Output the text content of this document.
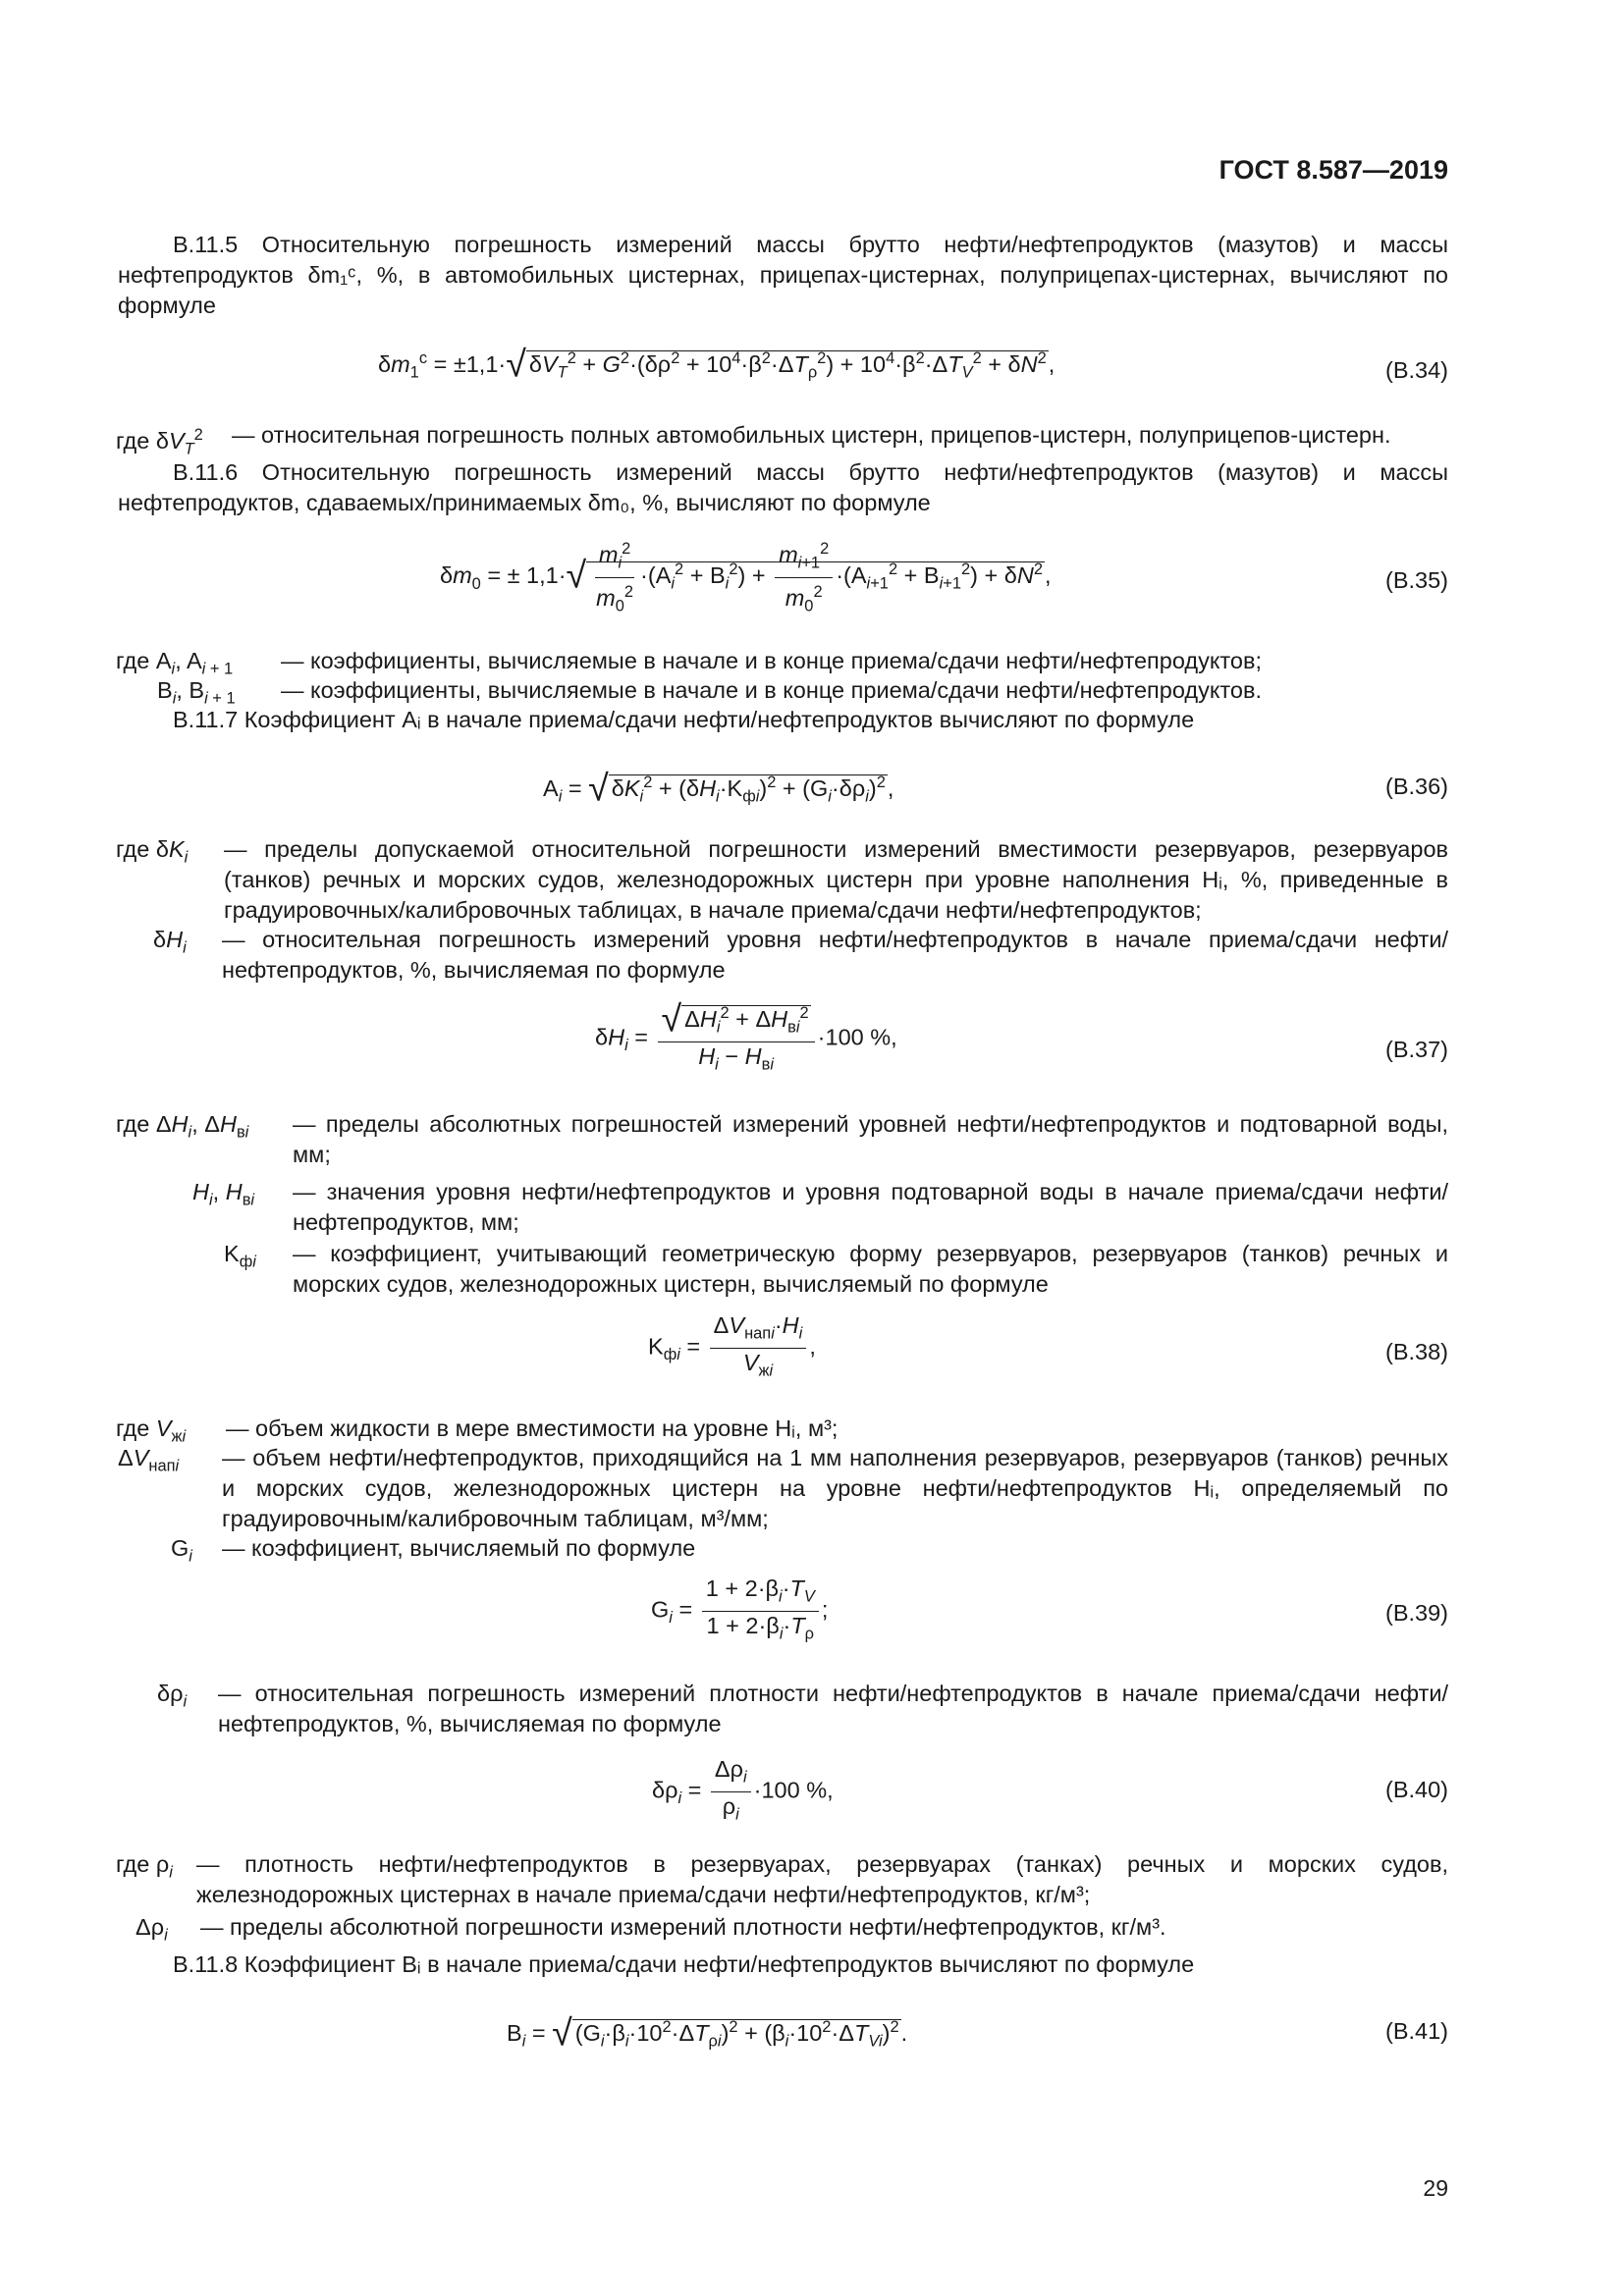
ГОСТ 8.587—2019

В.11.5 Относительную погрешность измерений массы брутто нефти/нефтепродуктов (мазутов) и массы нефтепродуктов δm₁ᶜ, %, в автомобильных цистернах, прицепах-цистернах, полуприцепах-цистернах, вычисляют по формуле

$\delta m_1^c = \pm 1,1\cdot√$ $\delta V_T^2 + G^2\cdot(\delta\rho^2 + 10^4\cdot\beta^2\cdot\Delta T_\rho^2) + 10^4\cdot\beta^2\cdot\Delta T_V^2 + \delta N^2$,	(В.34)
где $\delta V_T^2$ — относительная погрешность полных автомобильных цистерн, прицепов-цистерн, полуприцепов-цистерн.

В.11.6 Относительную погрешность измерений массы брутто нефти/нефтепродуктов (мазутов) и массы нефтепродуктов, сдаваемых/принимаемых δm₀, %, вычисляют по формуле

$\delta m_0$ = ± $1,1\cdot√ \frac{m_i^2}{m_0^2} \cdot(A_i^2 + B_i^2) + \frac{m_{i+1}^2}{m_0^2} \cdot(A_{i+1}^2 + B_{i+1}^2) + \delta N^2$,	(В.35)
где $A_i$, $A_{i + 1}$ — коэффициенты, вычисляемые в начале и в конце приема/сдачи нефти/нефтепродуктов;

$B_i$, $B_{i + 1}$ — коэффициенты, вычисляемые в начале и в конце приема/сдачи нефти/нефтепродуктов.

В.11.7 Коэффициент Aᵢ в начале приема/сдачи нефти/нефтепродуктов вычисляют по формуле

$A_i$ = √ $\delta K_i^2 + (\delta H_i\cdot K_{фi})^2 + (G_i\cdot\delta\rho_i)^2$,	(В.36)
где $\delta K_i$ — пределы допускаемой относительной погрешности измерений вместимости резервуаров, резервуаров (танков) речных и морских судов, железнодорожных цистерн при уровне наполнения Hᵢ, %, приведенные в градуировочных/калибровочных таблицах, в начале приема/сдачи нефти/нефтепродуктов;

$\delta H_i$ — относительная погрешность измерений уровня нефти/нефтепродуктов в начале приема/сдачи нефти/нефтепродуктов, %, вычисляемая по формуле

$\delta H_i = \frac{√ \Delta H_i^2 + \Delta H_{вi}^2}{H_i - H_{вi}} \cdot 100$ %,	(В.37)
где $\Delta H_i$, $\Delta H_{вi}$ — пределы абсолютных погрешностей измерений уровней нефти/нефтепродуктов и подтоварной воды, мм;

$H_i$, $H_{вi}$ — значения уровня нефти/нефтепродуктов и уровня подтоварной воды в начале приема/сдачи нефти/нефтепродуктов, мм;

$K_{фi}$ — коэффициент, учитывающий геометрическую форму резервуаров, резервуаров (танков) речных и морских судов, железнодорожных цистерн, вычисляемый по формуле

$K_{фi} = \frac{\Delta V_{напi}\cdot H_i}{V_{жi}}$ ,	(В.38)
где $V_{жi}$ — объем жидкости в мере вместимости на уровне Hᵢ, м³;

$\Delta V_{напi}$ — объем нефти/нефтепродуктов, приходящийся на 1 мм наполнения резервуаров, резервуаров (танков) речных и морских судов, железнодорожных цистерн на уровне нефти/нефтепродуктов Hᵢ, определяемый по градуировочным/калибровочным таблицам, м³/мм;

$G_i$ — коэффициент, вычисляемый по формуле

$G_i = \frac{1 + 2\cdot\beta_i\cdot T_V}{1 + 2\cdot\beta_i\cdot T_\rho}$ ;	(В.39)
$\delta\rho_i$ — относительная погрешность измерений плотности нефти/нефтепродуктов в начале приема/сдачи нефти/нефтепродуктов, %, вычисляемая по формуле

$\delta\rho_i = \frac{\Delta\rho_i}{\rho_i} \cdot 100$ %,	(В.40)
где $\rho_i$ — плотность нефти/нефтепродуктов в резервуарах, резервуарах (танках) речных и морских судов, железнодорожных цистернах в начале приема/сдачи нефти/нефтепродуктов, кг/м³;

$\Delta\rho_i$ — пределы абсолютной погрешности измерений плотности нефти/нефтепродуктов, кг/м³.

В.11.8 Коэффициент Bᵢ в начале приема/сдачи нефти/нефтепродуктов вычисляют по формуле

$B_i$ = √ $(G_i\cdot\beta_i\cdot 10^2\cdot\Delta T_{\rho i})^2 + (\beta_i\cdot 10^2\cdot\Delta T_{Vi})^2$.	(В.41)
29
